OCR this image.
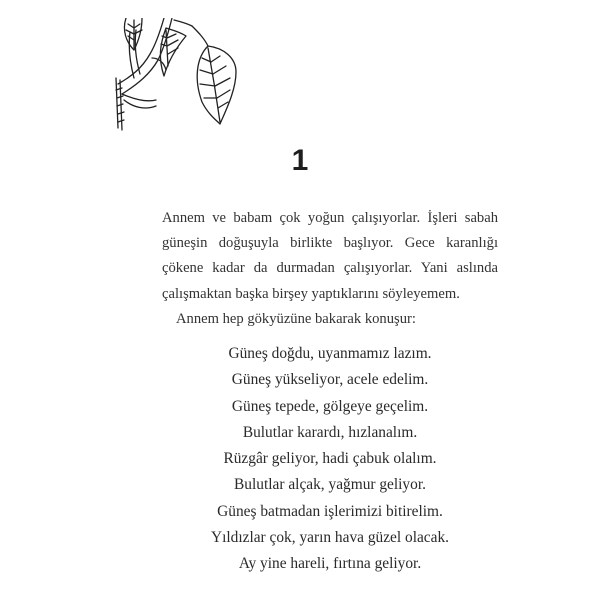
1

Annem ve babam çok yoğun çalışıyorlar. İşleri sabah güneşin doğuşuyla birlikte başlıyor. Gece karanlığı çökene kadar da durmadan çalışıyorlar. Yani aslında çalışmaktan başka birşey yaptıklarını söyleyemem.

Annem hep gökyüzüne bakarak konuşur:

Güneş doğdu, uyanmamız lazım.
Güneş yükseliyor, acele edelim.
Güneş tepede, gölgeye geçelim.
Bulutlar karardı, hızlanalım.
Rüzgâr geliyor, hadi çabuk olalım.
Bulutlar alçak, yağmur geliyor.
Güneş batmadan işlerimizi bitirelim.
Yıldızlar çok, yarın hava güzel olacak.
Ay yine hareli, fırtına geliyor.
